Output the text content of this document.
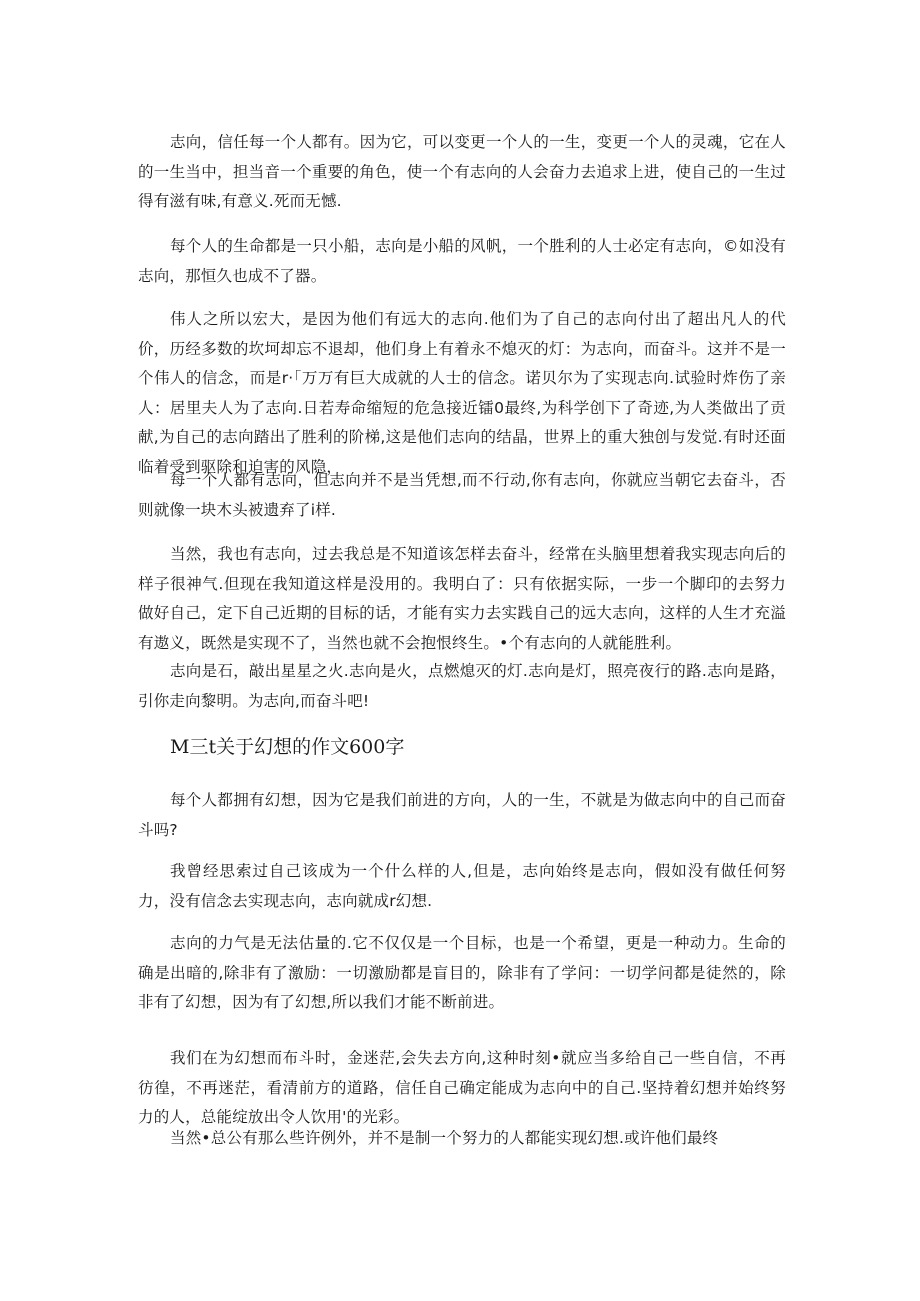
志向，信任每一个人都有。因为它，可以变更一个人的一生，变更一个人的灵魂，它在人的一生当中，担当音一个重要的角色，使一个有志向的人会奋力去追求上进，使自己的一生过得有滋有味,有意义.死而无憾.

每个人的生命都是一只小船，志向是小船的风帆，一个胜利的人士必定有志向，©如没有志向，那恒久也成不了器。

伟人之所以宏大，是因为他们有远大的志向.他们为了自己的志向付出了超出凡人的代价，历经多数的坎坷却忘不退却，他们身上有着永不熄灭的灯：为志向，而奋斗。这并不是一个伟人的信念，而是r·「万万有巨大成就的人士的信念。诺贝尔为了实现志向.试验时炸伤了亲人：居里夫人为了志向.日若寿命缩短的危急接近镭0最终,为科学创下了奇迹,为人类做出了贡献,为自己的志向踏出了胜利的阶梯,这是他们志向的结晶，世界上的重大独创与发觉.有时还面临着受到驱除和迫害的风隐，

每一个人都有志向，但志向并不是当凭想,而不行动,你有志向，你就应当朝它去奋斗，否则就像一块木头被遗弃了i样.

当然，我也有志向，过去我总是不知道该怎样去奋斗，经常在头脑里想着我实现志向后的样子很神气.但现在我知道这样是没用的。我明白了：只有依据实际，一步一个脚印的去努力做好自己，定下自己近期的目标的话，才能有实力去实践自己的远大志向，这样的人生才充溢有遨义，既然是实现不了，当然也就不会抱恨终生。•个有志向的人就能胜利。

志向是石，敲出星星之火.志向是火，点燃熄灭的灯.志向是灯，照亮夜行的路.志向是路，引你走向黎明。为志向,而奋斗吧!

M三t关于幻想的作文600字

每个人都拥有幻想，因为它是我们前进的方向，人的一生，不就是为做志向中的自己而奋斗吗?

我曾经思索过自己该成为一个什么样的人,但是，志向始终是志向，假如没有做任何努力，没有信念去实现志向，志向就成r幻想.

志向的力气是无法估量的.它不仅仅是一个目标，也是一个希望，更是一种动力。生命的确是出暗的,除非有了激励：一切激励都是盲目的，除非有了学问：一切学问都是徒然的，除非有了幻想，因为有了幻想,所以我们才能不断前进。

我们在为幻想而布斗时，金迷茫,会失去方向,这种时刻•就应当多给自己一些自信，不再彷徨，不再迷茫，看清前方的道路，信任自己确定能成为志向中的自己.坚持着幻想并始终努力的人，总能绽放出令人饮用'的光彩。

当然•总公有那么些许例外，并不是制一个努力的人都能实现幻想.或许他们最终
